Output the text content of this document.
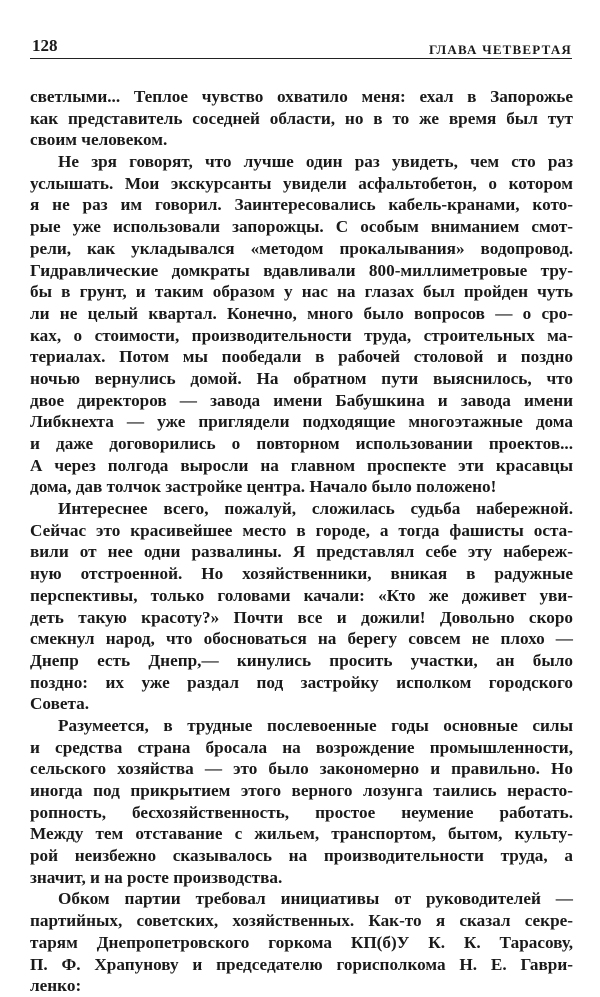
128	ГЛАВА ЧЕТВЕРТАЯ
светлыми... Теплое чувство охватило меня: ехал в Запорожье
как представитель соседней области, но в то же время был тут
своим человеком.
Не зря говорят, что лучше один раз увидеть, чем сто раз
услышать. Мои экскурсанты увидели асфальтобетон, о котором
я не раз им говорил. Заинтересовались кабель-кранами, кото-
рые уже использовали запорожцы. С особым вниманием смот-
рели, как укладывался «методом прокалывания» водопровод.
Гидравлические домкраты вдавливали 800-миллиметровые тру-
бы в грунт, и таким образом у нас на глазах был пройден чуть
ли не целый квартал. Конечно, много было вопросов — о сро-
ках, о стоимости, производительности труда, строительных ма-
териалах. Потом мы пообедали в рабочей столовой и поздно
ночью вернулись домой. На обратном пути выяснилось, что
двое директоров — завода имени Бабушкина и завода имени
Либкнехта — уже приглядели подходящие многоэтажные дома
и даже договорились о повторном использовании проектов...
А через полгода выросли на главном проспекте эти красавцы
дома, дав толчок застройке центра. Начало было положено!
Интереснее всего, пожалуй, сложилась судьба набережной.
Сейчас это красивейшее место в городе, а тогда фашисты оста-
вили от нее одни развалины. Я представлял себе эту набереж-
ную отстроенной. Но хозяйственники, вникая в радужные
перспективы, только головами качали: «Кто же доживет уви-
деть такую красоту?» Почти все и дожили! Довольно скоро
смекнул народ, что обосноваться на берегу совсем не плохо —
Днепр есть Днепр,— кинулись просить участки, ан было
поздно: их уже раздал под застройку исполком городского
Совета.
Разумеется, в трудные послевоенные годы основные силы
и средства страна бросала на возрождение промышленности,
сельского хозяйства — это было закономерно и правильно. Но
иногда под прикрытием этого верного лозунга таились нерасто-
ропность, бесхозяйственность, простое неумение работать.
Между тем отставание с жильем, транспортом, бытом, культу-
рой неизбежно сказывалось на производительности труда, а
значит, и на росте производства.
Обком партии требовал инициативы от руководителей —
партийных, советских, хозяйственных. Как-то я сказал секре-
тарям Днепропетровского горкома КП(б)У К. К. Тарасову,
П. Ф. Храпунову и председателю горисполкома Н. Е. Гаври-
ленко:
